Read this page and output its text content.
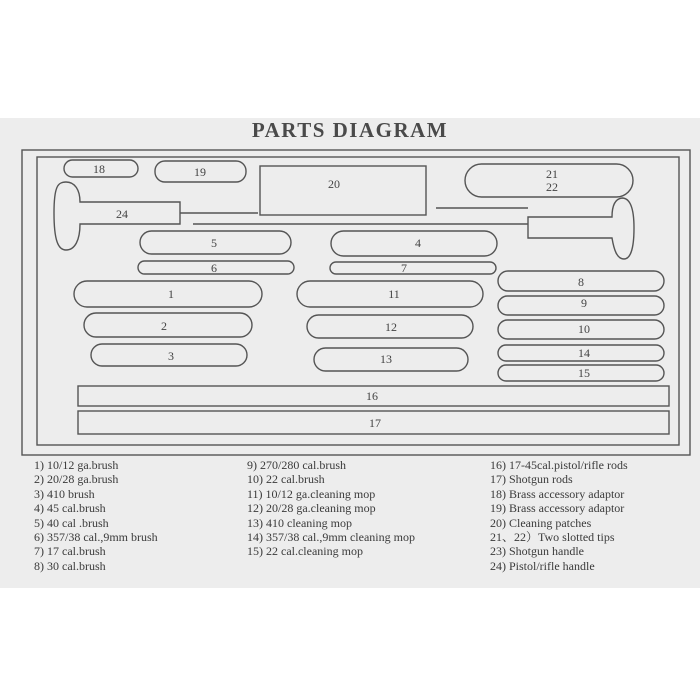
PARTS DIAGRAM
18	19
20
21
22
24
5	4
6	7
1
2
3
11
12
13
8
9
10
14
15
16
17
1) 10/12 ga.brush
2) 20/28 ga.brush
3) 410 brush
4) 45 cal.brush
5) 40 cal .brush
6) 357/38 cal.,9mm brush
7) 17 cal.brush
8) 30 cal.brush
9) 270/280 cal.brush
10) 22 cal.brush
11) 10/12 ga.cleaning mop
12) 20/28 ga.cleaning mop
13) 410 cleaning mop
14) 357/38 cal.,9mm cleaning mop
15) 22 cal.cleaning mop
16) 17-45cal.pistol/rifle rods
17) Shotgun rods
18) Brass accessory adaptor
19) Brass accessory adaptor
20) Cleaning patches
21、22）Two slotted tips
23) Shotgun handle
24) Pistol/rifle handle
